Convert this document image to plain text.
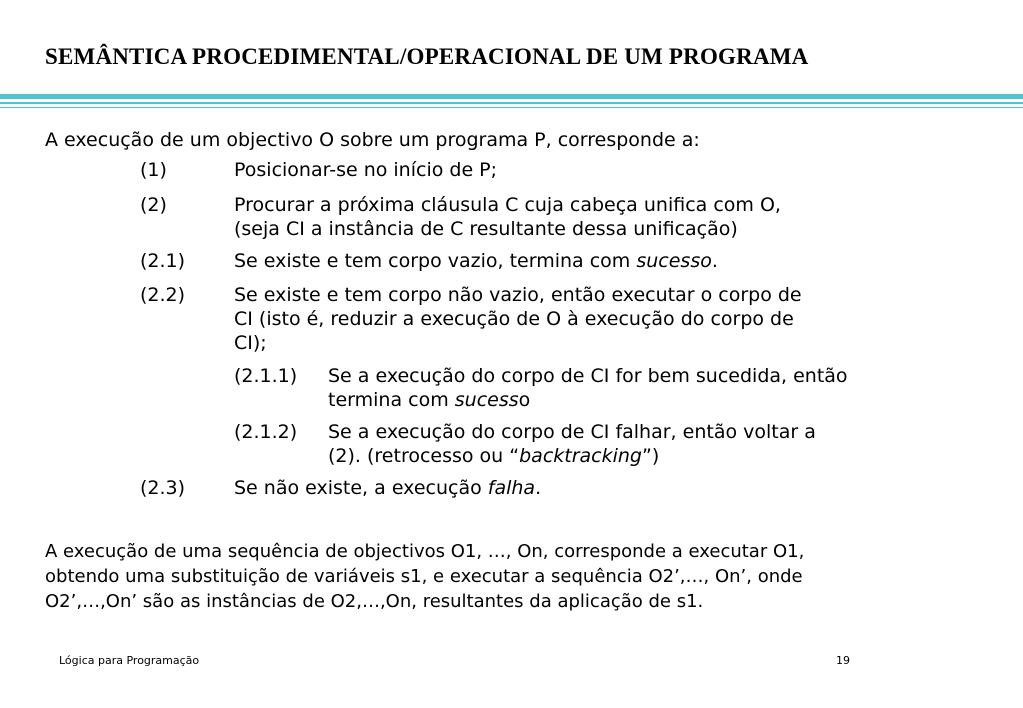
SEMÂNTICA PROCEDIMENTAL/OPERACIONAL DE UM PROGRAMA
A execução de um objectivo O sobre um programa P, corresponde a:
(1)	Posicionar-se no início de P;
(2)	Procurar a próxima cláusula C cuja cabeça unifica com O,
(seja CI a instância de C resultante dessa unificação)
(2.1)	Se existe e tem corpo vazio, termina com sucesso.
(2.2)	Se existe e tem corpo não vazio, então executar o corpo de
CI (isto é, reduzir a execução de O à execução do corpo de
CI);
(2.1.1) Se a execução do corpo de CI for bem sucedida, então
termina com sucesso
(2.1.2) Se a execução do corpo de CI falhar, então voltar a
(2). (retrocesso ou “backtracking”)
(2.3)	Se não existe, a execução falha.
A execução de uma sequência de objectivos O1, …, On, corresponde a executar O1,
obtendo uma substituição de variáveis s1, e executar a sequência O2’,…, On’, onde
O2’,…,On’ são as instâncias de O2,…,On, resultantes da aplicação de s1.
Lógica para Programação	19
